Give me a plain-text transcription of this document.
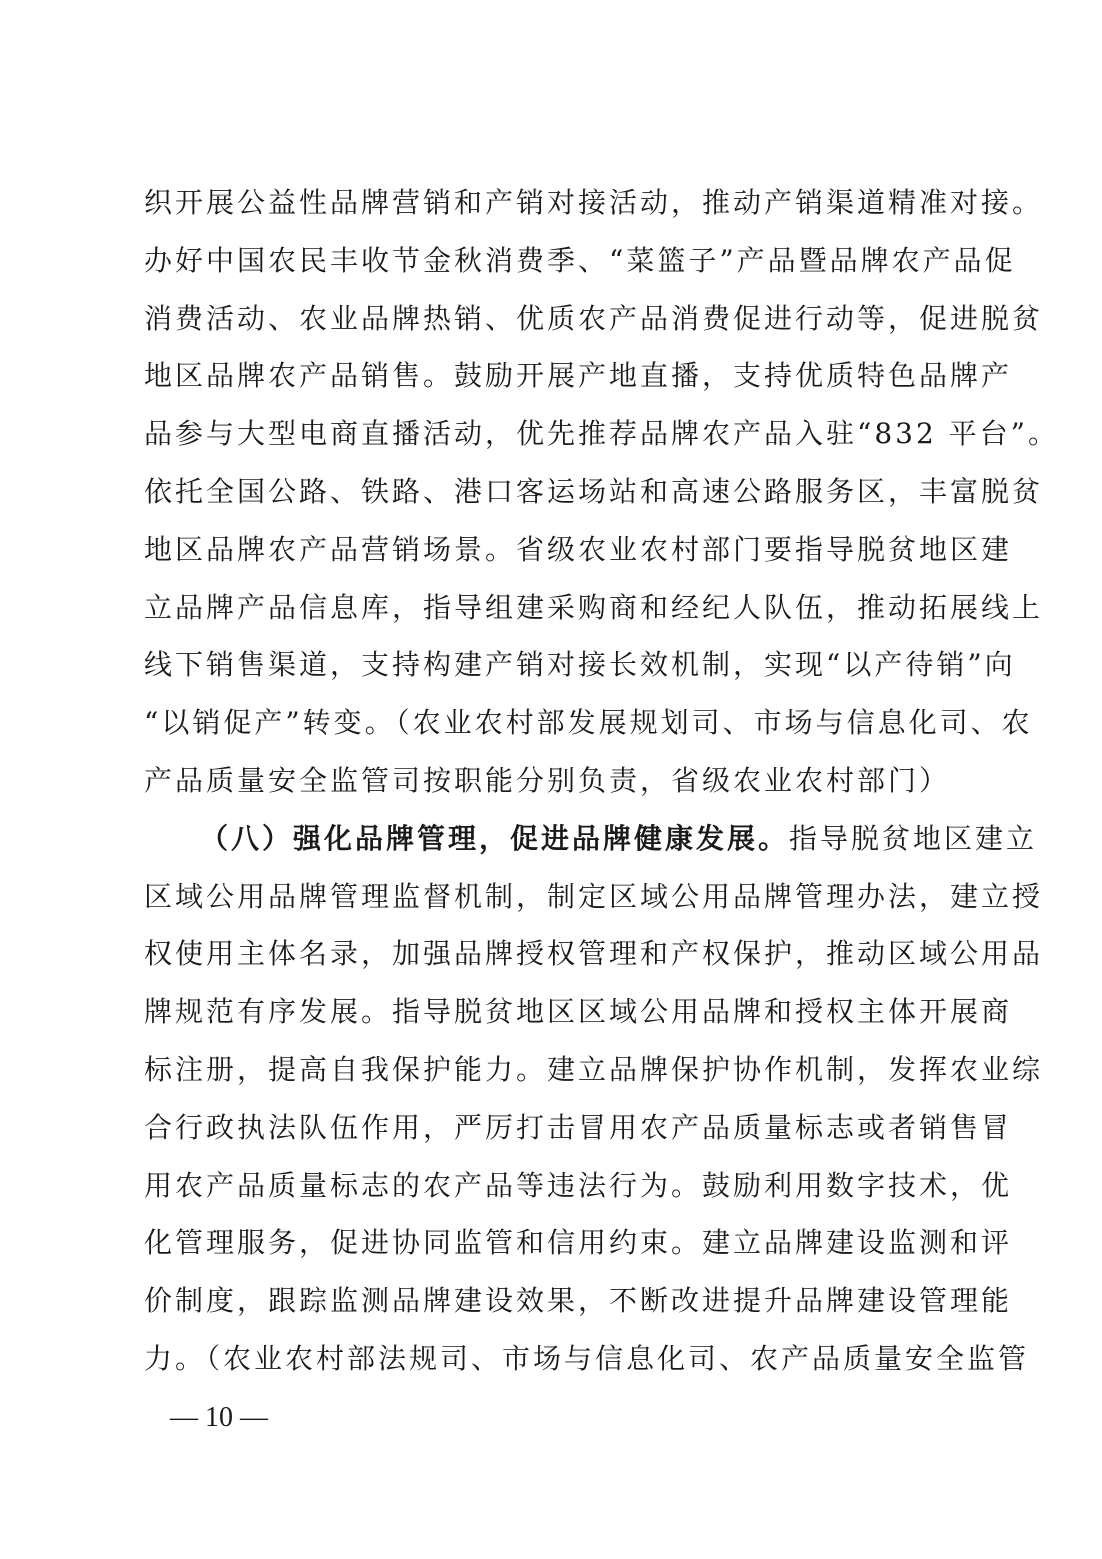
织开展公益性品牌营销和产销对接活动，推动产销渠道精准对接。
办好中国农民丰收节金秋消费季、“菜篮子”产品暨品牌农产品促
消费活动、农业品牌热销、优质农产品消费促进行动等，促进脱贫
地区品牌农产品销售。鼓励开展产地直播，支持优质特色品牌产
品参与大型电商直播活动，优先推荐品牌农产品入驻“832 平台”。
依托全国公路、铁路、港口客运场站和高速公路服务区，丰富脱贫
地区品牌农产品营销场景。省级农业农村部门要指导脱贫地区建
立品牌产品信息库，指导组建采购商和经纪人队伍，推动拓展线上
线下销售渠道，支持构建产销对接长效机制，实现“以产待销”向
“以销促产”转变。（农业农村部发展规划司、市场与信息化司、农
产品质量安全监管司按职能分别负责，省级农业农村部门）
（八）强化品牌管理，促进品牌健康发展。指导脱贫地区建立
区域公用品牌管理监督机制，制定区域公用品牌管理办法，建立授
权使用主体名录，加强品牌授权管理和产权保护，推动区域公用品
牌规范有序发展。指导脱贫地区区域公用品牌和授权主体开展商
标注册，提高自我保护能力。建立品牌保护协作机制，发挥农业综
合行政执法队伍作用，严厉打击冒用农产品质量标志或者销售冒
用农产品质量标志的农产品等违法行为。鼓励利用数字技术，优
化管理服务，促进协同监管和信用约束。建立品牌建设监测和评
价制度，跟踪监测品牌建设效果，不断改进提升品牌建设管理能
力。（农业农村部法规司、市场与信息化司、农产品质量安全监管
— 10 —
